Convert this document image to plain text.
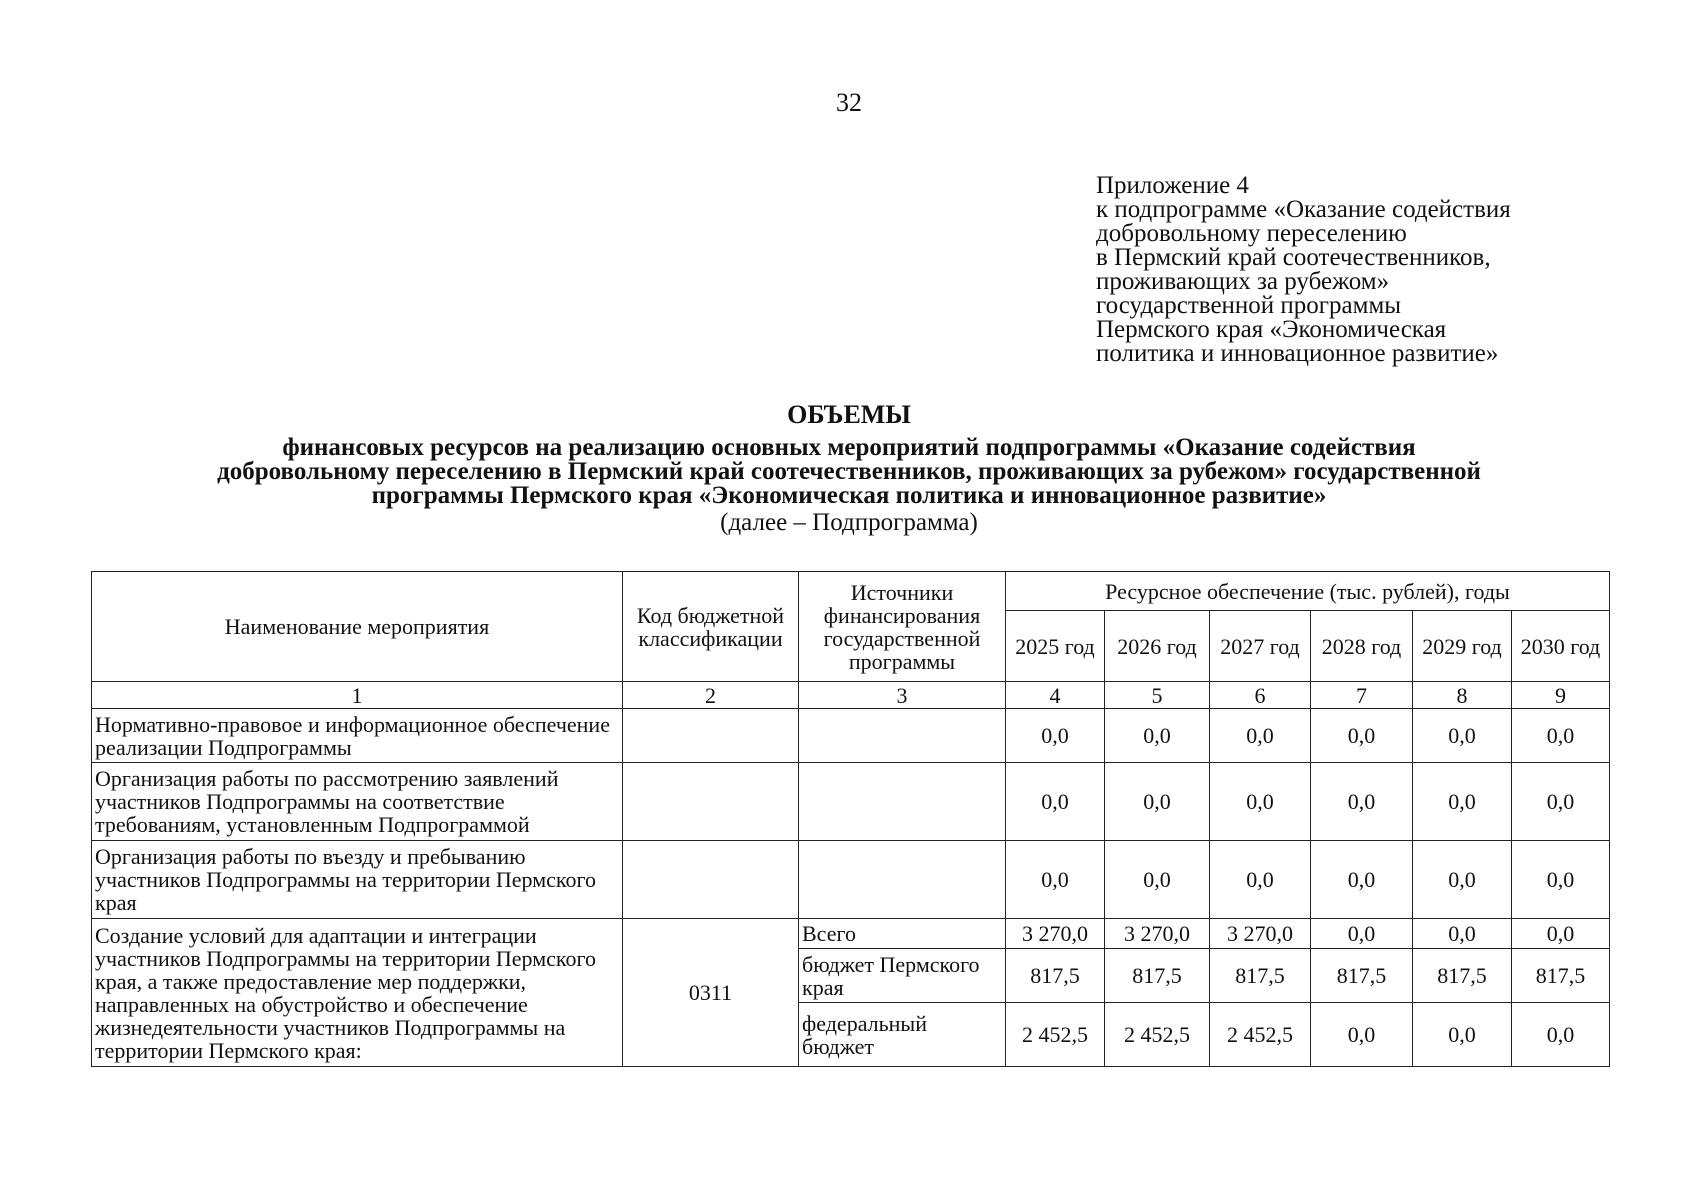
32
Приложение 4
к подпрограмме «Оказание содействия
добровольному переселению
в Пермский край соотечественников,
проживающих за рубежом»
государственной программы
Пермского края «Экономическая
политика и инновационное развитие»
ОБЪЕМЫ
финансовых ресурсов на реализацию основных мероприятий подпрограммы «Оказание содействия
добровольному переселению в Пермский край соотечественников, проживающих за рубежом» государственной
программы Пермского края «Экономическая политика и инновационное развитие»
(далее – Подпрограмма)
Наименование мероприятия	Код бюджетной классификации	Источники финансирования государственной программы	Ресурсное обеспечение (тыс. рублей), годы					
			2025 год	2026 год	2027 год	2028 год	2029 год	2030 год
1	2	3	4	5	6	7	8	9
Нормативно-правовое и информационное обеспечение реализации Подпрограммы			0,0	0,0	0,0	0,0	0,0	0,0
Организация работы по рассмотрению заявлений участников Подпрограммы на соответствие требованиям, установленным Подпрограммой			0,0	0,0	0,0	0,0	0,0	0,0
Организация работы по въезду и пребыванию участников Подпрограммы на территории Пермского края			0,0	0,0	0,0	0,0	0,0	0,0
Создание условий для адаптации и интеграции участников Подпрограммы на территории Пермского края, а также предоставление мер поддержки, направленных на обустройство и обеспечение жизнедеятельности участников Подпрограммы на территории Пермского края:	0311	Всего	3 270,0	3 270,0	3 270,0	0,0	0,0	0,0
		бюджет Пермского края	817,5	817,5	817,5	817,5	817,5	817,5
		федеральный бюджет	2 452,5	2 452,5	2 452,5	0,0	0,0	0,0
